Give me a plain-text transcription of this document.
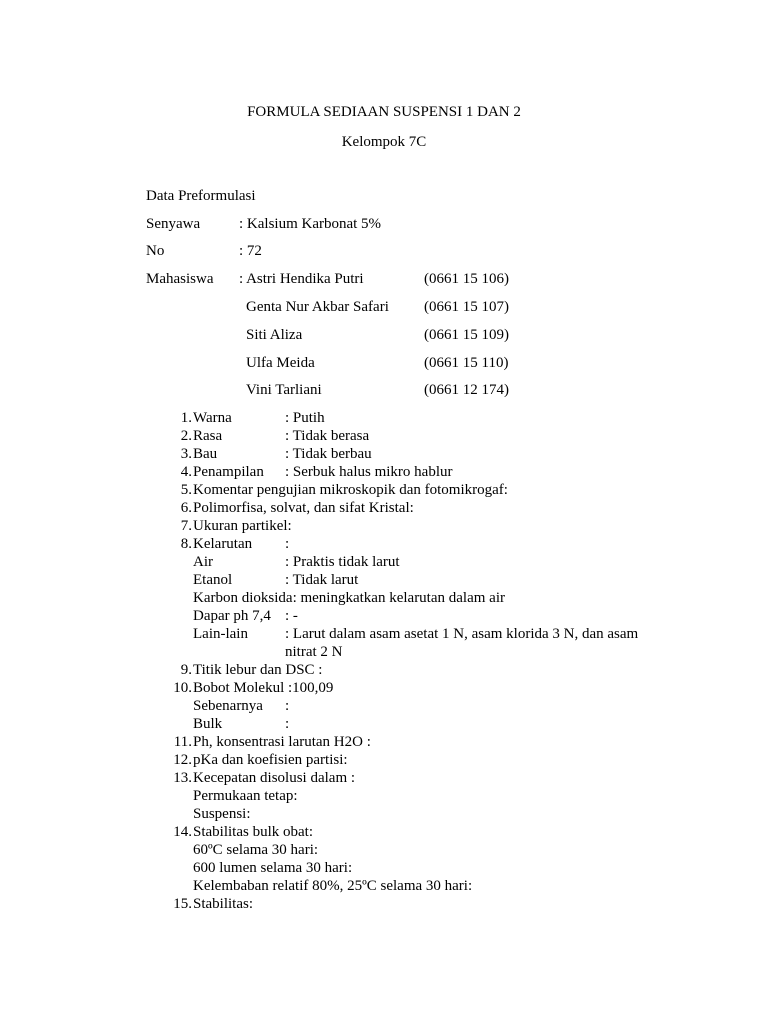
FORMULA SEDIAAN SUSPENSI 1 DAN 2
Kelompok 7C
Data Preformulasi
Senyawa	: Kalsium Karbonat 5%
No	: 72
Mahasiswa : Astri Hendika Putri	(0661 15 106)
Genta Nur Akbar Safari (0661 15 107)
Siti Aliza	(0661 15 109)
Ulfa Meida	(0661 15 110)
Vini Tarliani	(0661 12 174)
1. Warna	: Putih
2. Rasa	: Tidak berasa
3. Bau	: Tidak berbau
4. Penampilan : Serbuk halus mikro hablur
5. Komentar pengujian mikroskopik dan fotomikrogaf:
6. Polimorfisa, solvat, dan sifat Kristal:
7. Ukuran partikel:
8. Kelarutan :
Air	: Praktis tidak larut
Etanol	: Tidak larut
Karbon dioksida: meningkatkan kelarutan dalam air
Dapar ph 7,4 : -
Lain-lain : Larut dalam asam asetat 1 N, asam klorida 3 N, dan asam
nitrat 2 N
9. Titik lebur dan DSC :
10. Bobot Molekul :100,09
Sebenarnya :
Bulk	:
11. Ph, konsentrasi larutan H2O :
12. pKa dan koefisien partisi:
13. Kecepatan disolusi dalam :
Permukaan tetap:
Suspensi:
14. Stabilitas bulk obat:
60ºC selama 30 hari:
600 lumen selama 30 hari:
Kelembaban relatif 80%, 25ºC selama 30 hari:
15. Stabilitas:
